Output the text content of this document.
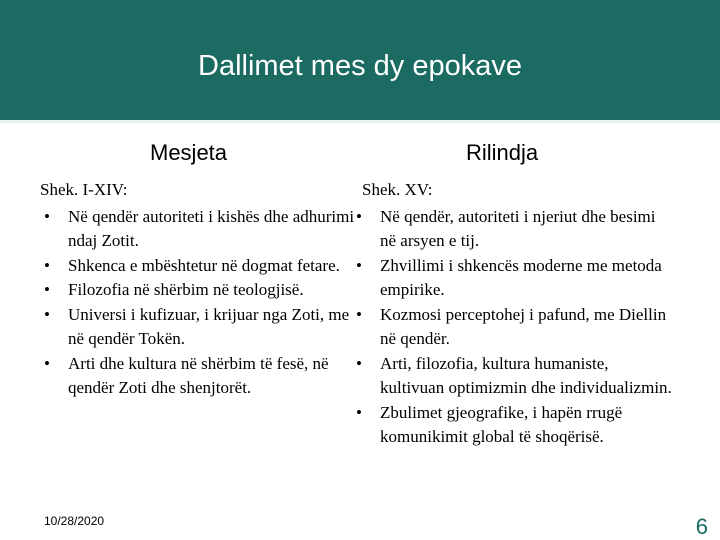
Dallimet mes dy epokave
Mesjeta	Rilindja

Shek. I-XIV:

• Në qendër autoriteti i kishës dhe adhurimi ndaj Zotit.
• Shkenca e mbështetur në dogmat fetare.
• Filozofia në shërbim në teologjisë.
• Universi i kufizuar, i krijuar nga Zoti, me në qendër Tokën.
• Arti dhe kultura në shërbim të fesë, në qendër Zoti dhe shenjtorët.

Shek. XV:

• Në qendër, autoriteti i njeriut dhe besimi në arsyen e tij.
• Zhvillimi i shkencës moderne me metoda empirike.
• Kozmosi perceptohej i pafund, me Diellin në qendër.
• Arti, filozofia, kultura humaniste, kultivuan optimizmin dhe individualizmin.
• Zbulimet gjeografike, i hapën rrugë komunikimit global të shoqërisë.
10/28/2020	6
